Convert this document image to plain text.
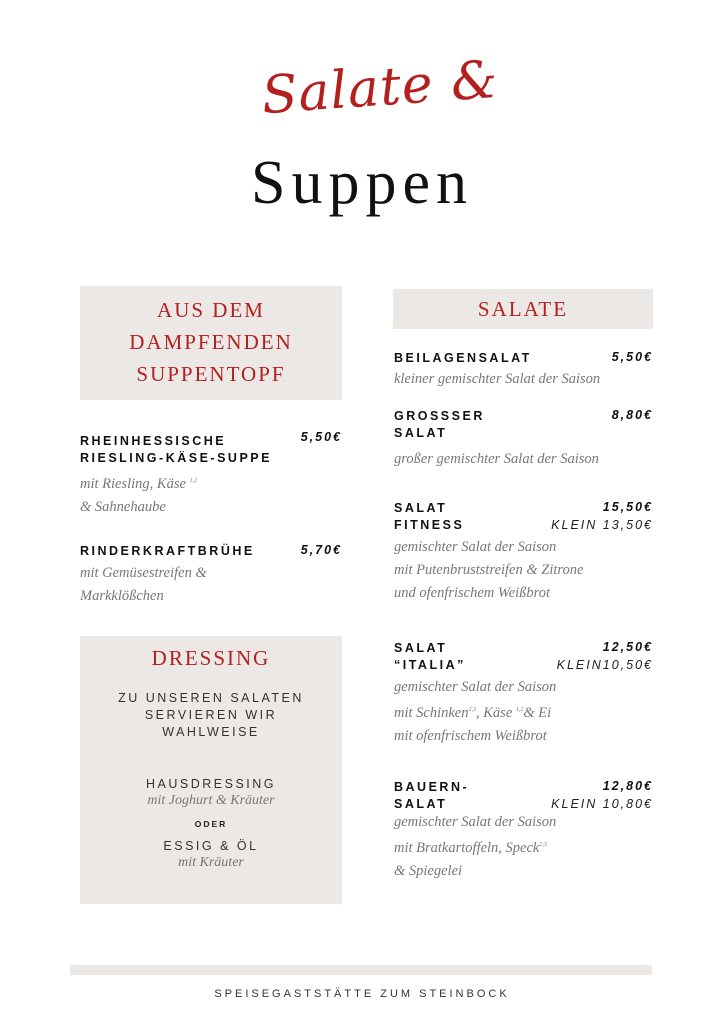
Salate &
Suppen
AUS DEM
DAMPFENDEN
SUPPENTOPF
RHEINHESSISCHE
RIESLING-KÄSE-SUPPE
5,50€
mit Riesling, Käse $^{1,2}$
& Sahnehaube
RINDERKRAFTBRÜHE	5,70€
mit Gemüsestreifen &
Markklößchen
DRESSING
ZU UNSEREN SALATEN
SERVIEREN WIR
WAHLWEISE
HAUSDRESSING
mit Joghurt & Kräuter
ODER
ESSIG & ÖL
mit Kräuter
SALATE
BEILAGENSALAT	5,50€
kleiner gemischter Salat der Saison
GROSSSER
SALAT
8,80€
großer gemischter Salat der Saison
SALAT
FITNESS
15,50€
KLEIN 13,50€
gemischter Salat der Saison
mit Putenbruststreifen & Zitrone
und ofenfrischem Weißbrot
SALAT
“ITALIA”
12,50€
KLEIN10,50€
gemischter Salat der Saison
mit Schinken$^{2,3}$, Käse $^{1,2}$& Ei
mit ofenfrischem Weißbrot
BAUERN-
SALAT
12,80€
KLEIN 10,80€
gemischter Salat der Saison
mit Bratkartoffeln, Speck$^{2,3}$
& Spiegelei
SPEISEGASTSTÄTTE ZUM STEINBOCK
